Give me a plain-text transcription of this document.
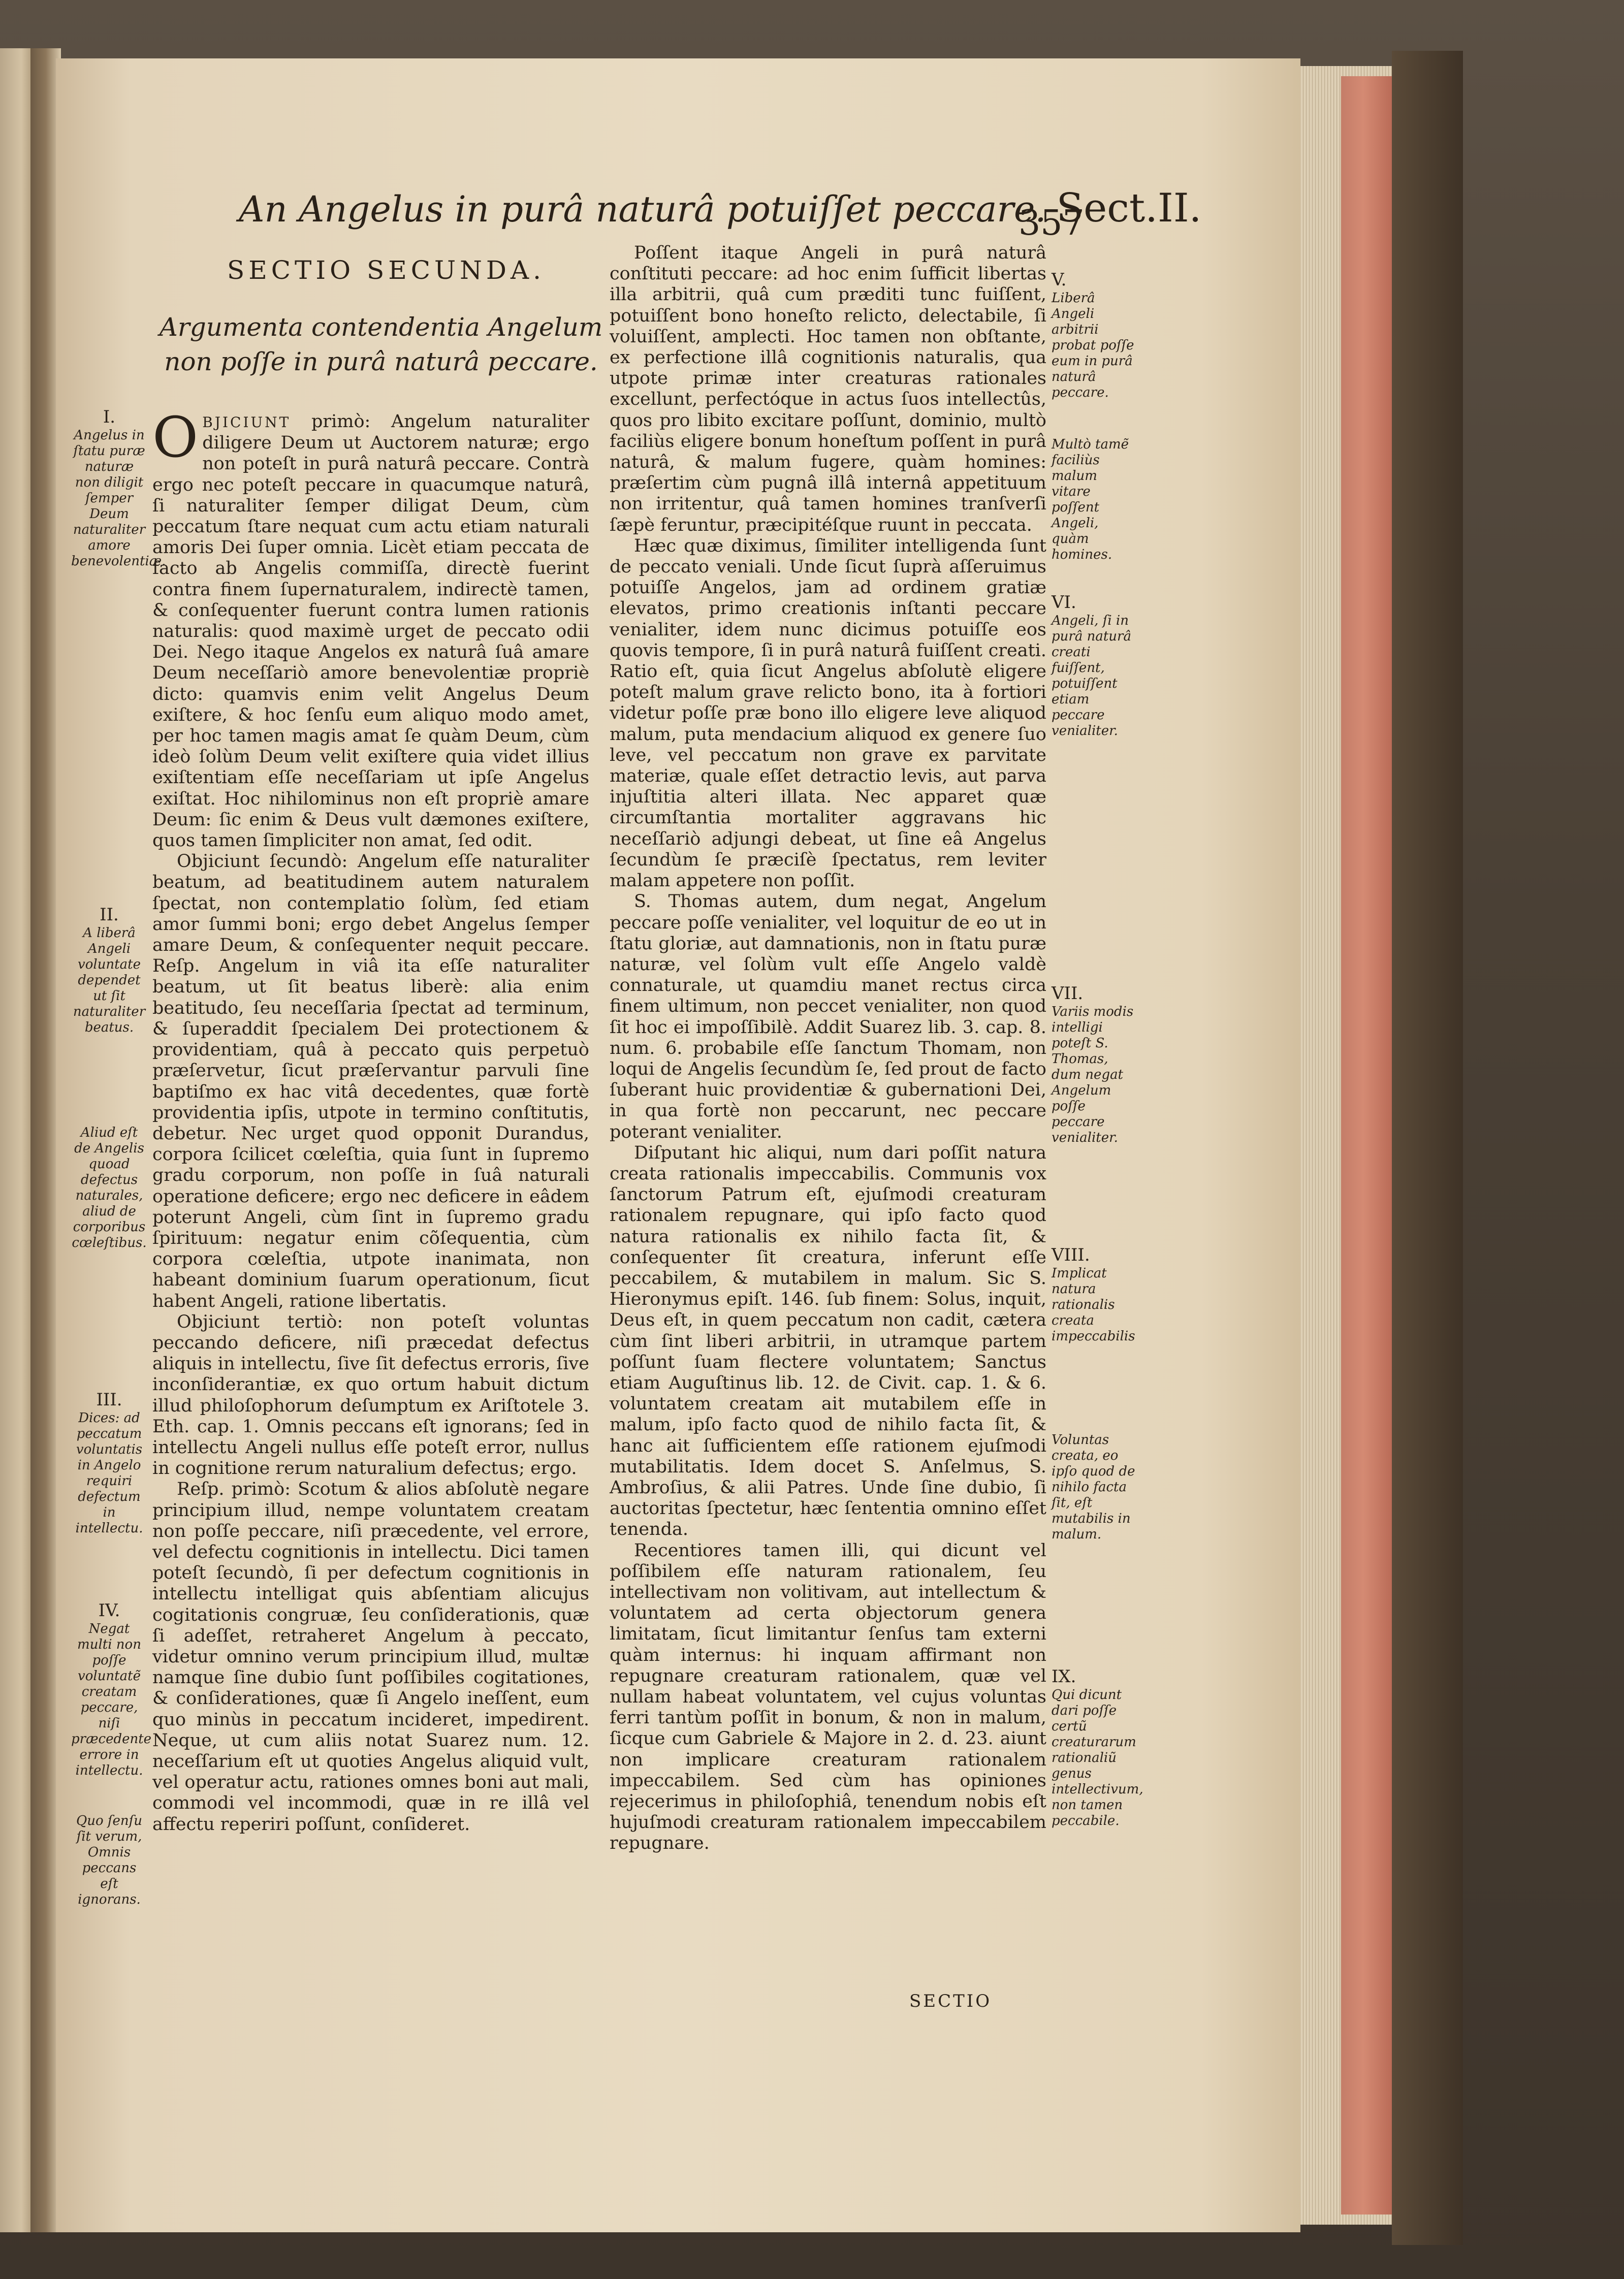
An Angelus in purâ naturâ potuiſſet peccare. Sect.II.
357
SECTIO SECUNDA.
Argumenta contendentia Angelum non poſſe in purâ naturâ peccare.

OBJICIUNT primò: Angelum naturaliter diligere Deum ut Auctorem naturæ; ergo non poteſt in purâ naturâ peccare. Contrà ergo nec poteſt peccare in quacumque naturâ, ſi naturaliter ſemper diligat Deum, cùm peccatum ſtare nequat cum actu etiam naturali amoris Dei ſuper omnia. Licèt etiam peccata de facto ab Angelis commiſſa, directè fuerint contra finem ſupernaturalem, indirectè tamen, & conſequenter fuerunt contra lumen rationis naturalis: quod maximè urget de peccato odii Dei. Nego itaque Angelos ex naturâ ſuâ amare Deum neceſſariò amore benevolentiæ propriè dicto: quamvis enim velit Angelus Deum exiſtere, & hoc ſenſu eum aliquo modo amet, per hoc tamen magis amat ſe quàm Deum, cùm ideò ſolùm Deum velit exiſtere quia videt illius exiſtentiam eſſe neceſſariam ut ipſe Angelus exiſtat. Hoc nihilominus non eſt propriè amare Deum: ſic enim & Deus vult dæmones exiſtere, quos tamen ſimpliciter non amat, ſed odit.

Objiciunt ſecundò: Angelum eſſe naturaliter beatum, ad beatitudinem autem naturalem ſpectat, non contemplatio ſolùm, ſed etiam amor ſummi boni; ergo debet Angelus ſemper amare Deum, & conſequenter nequit peccare. Reſp. Angelum in viâ ita eſſe naturaliter beatum, ut ſit beatus liberè: alia enim beatitudo, ſeu neceſſaria ſpectat ad terminum, & ſuperaddit ſpecialem Dei protectionem & providentiam, quâ à peccato quis perpetuò præſervetur, ſicut præſervantur parvuli ſine baptiſmo ex hac vitâ decedentes, quæ fortè providentia ipſis, utpote in termino conſtitutis, debetur. Nec urget quod opponit Durandus, corpora ſcilicet cœleſtia, quia ſunt in ſupremo gradu corporum, non poſſe in ſuâ naturali operatione deficere; ergo nec deficere in eâdem poterunt Angeli, cùm ſint in ſupremo gradu ſpirituum: negatur enim cõſequentia, cùm corpora cœleſtia, utpote inanimata, non habeant dominium ſuarum operationum, ſicut habent Angeli, ratione libertatis.

Objiciunt tertiò: non poteſt voluntas peccando deficere, niſi præcedat defectus aliquis in intellectu, ſive ſit defectus erroris, ſive inconſiderantiæ, ex quo ortum habuit dictum illud philoſophorum deſumptum ex Ariſtotele 3. Eth. cap. 1. Omnis peccans eſt ignorans; ſed in intellectu Angeli nullus eſſe poteſt error, nullus in cognitione rerum naturalium defectus; ergo.

Reſp. primò: Scotum & alios abſolutè negare principium illud, nempe voluntatem creatam non poſſe peccare, niſi præcedente, vel errore, vel defectu cognitionis in intellectu. Dici tamen poteſt ſecundò, ſi per defectum cognitionis in intellectu intelligat quis abſentiam alicujus cogitationis congruæ, ſeu conſiderationis, quæ ſi adeſſet, retraheret Angelum à peccato, videtur omnino verum principium illud, multæ namque ſine dubio ſunt poſſibiles cogitationes, & conſiderationes, quæ ſi Angelo ineſſent, eum quo minùs in peccatum incideret, impedirent. Neque, ut cum aliis notat Suarez num. 12. neceſſarium eſt ut quoties Angelus aliquid vult, vel operatur actu, rationes omnes boni aut mali, commodi vel incommodi, quæ in re illâ vel affectu reperiri poſſunt, conſideret.

Poſſent itaque Angeli in purâ naturâ conſtituti peccare: ad hoc enim ſufficit libertas illa arbitrii, quâ cum præditi tunc fuiſſent, potuiſſent bono honeſto relicto, delectabile, ſi voluiſſent, amplecti. Hoc tamen non obſtante, ex perfectione illâ cognitionis naturalis, qua utpote primæ inter creaturas rationales excellunt, perfectóque in actus ſuos intellectûs, quos pro libito excitare poſſunt, dominio, multò faciliùs eligere bonum honeſtum poſſent in purâ naturâ, & malum fugere, quàm homines: præſertim cùm pugnâ illâ internâ appetituum non irritentur, quâ tamen homines tranſverſi ſæpè feruntur, præcipitéſque ruunt in peccata.

Hæc quæ diximus, ſimiliter intelligenda ſunt de peccato veniali. Unde ſicut ſuprà aſſeruimus potuiſſe Angelos, jam ad ordinem gratiæ elevatos, primo creationis inſtanti peccare venialiter, idem nunc dicimus potuiſſe eos quovis tempore, ſi in purâ naturâ fuiſſent creati. Ratio eſt, quia ſicut Angelus abſolutè eligere poteſt malum grave relicto bono, ita à fortiori videtur poſſe præ bono illo eligere leve aliquod malum, puta mendacium aliquod ex genere ſuo leve, vel peccatum non grave ex parvitate materiæ, quale eſſet detractio levis, aut parva injuſtitia alteri illata. Nec apparet quæ circumſtantia mortaliter aggravans hic neceſſariò adjungi debeat, ut ſine eâ Angelus ſecundùm ſe præciſè ſpectatus, rem leviter malam appetere non poſſit.

S. Thomas autem, dum negat, Angelum peccare poſſe venialiter, vel loquitur de eo ut in ſtatu gloriæ, aut damnationis, non in ſtatu puræ naturæ, vel ſolùm vult eſſe Angelo valdè connaturale, ut quamdiu manet rectus circa finem ultimum, non peccet venialiter, non quod ſit hoc ei impoſſibilè. Addit Suarez lib. 3. cap. 8. num. 6. probabile eſſe ſanctum Thomam, non loqui de Angelis ſecundùm ſe, ſed prout de facto ſuberant huic providentiæ & gubernationi Dei, in qua fortè non peccarunt, nec peccare poterant venialiter.

Diſputant hic aliqui, num dari poſſit natura creata rationalis impeccabilis. Communis vox ſanctorum Patrum eſt, ejuſmodi creaturam rationalem repugnare, qui ipſo facto quod natura rationalis ex nihilo facta ſit, & conſequenter ſit creatura, inferunt eſſe peccabilem, & mutabilem in malum. Sic S. Hieronymus epiſt. 146. ſub finem: Solus, inquit, Deus eſt, in quem peccatum non cadit, cætera cùm ſint liberi arbitrii, in utramque partem poſſunt ſuam flectere voluntatem; Sanctus etiam Auguſtinus lib. 12. de Civit. cap. 1. & 6. voluntatem creatam ait mutabilem eſſe in malum, ipſo facto quod de nihilo facta ſit, & hanc ait ſufficientem eſſe rationem ejuſmodi mutabilitatis. Idem docet S. Anſelmus, S. Ambroſius, & alii Patres. Unde ſine dubio, ſi auctoritas ſpectetur, hæc ſententia omnino eſſet tenenda.

Recentiores tamen illi, qui dicunt vel poſſibilem eſſe naturam rationalem, ſeu intellectivam non volitivam, aut intellectum & voluntatem ad certa objectorum genera limitatam, ſicut limitantur ſenſus tam externi quàm internus: hi inquam affirmant non repugnare creaturam rationalem, quæ vel nullam habeat voluntatem, vel cujus voluntas ferri tantùm poſſit in bonum, & non in malum, ſicque cum Gabriele & Majore in 2. d. 23. aiunt non implicare creaturam rationalem impeccabilem. Sed cùm has opiniones rejecerimus in philoſophiâ, tenendum nobis eſt hujuſmodi creaturam rationalem impeccabilem repugnare.

I.
Angelus in ſtatu puræ naturæ non diligit ſemper Deum naturaliter amore benevolentiæ.
II.
A liberâ Angeli voluntate dependet ut ſit naturaliter beatus.
Aliud eſt de Angelis quoad defectus naturales, aliud de corporibus cœleſtibus.
III.
Dices: ad peccatum voluntatis in Angelo requiri defectum in intellectu.
IV.
Negat multi non poſſe voluntatẽ creatam peccare, niſi præcedente errore in intellectu.
Quo ſenſu ſit verum, Omnis peccans eſt ignorans.
V.
Liberâ Angeli arbitrii probat poſſe eum in purâ naturâ peccare.
Multò tamẽ faciliùs malum vitare poſſent Angeli, quàm homines.
VI.
Angeli, ſi in purâ naturâ creati fuiſſent, potuiſſent etiam peccare venialiter.
VII.
Variis modis intelligi poteſt S. Thomas, dum negat Angelum poſſe peccare venialiter.
VIII.
Implicat natura rationalis creata impeccabilis
Voluntas creata, eo ipſo quod de nihilo facta ſit, eſt mutabilis in malum.
IX.
Qui dicunt dari poſſe certũ creaturarum rationaliũ genus intellectivum, non tamen peccabile.
SECTIO
